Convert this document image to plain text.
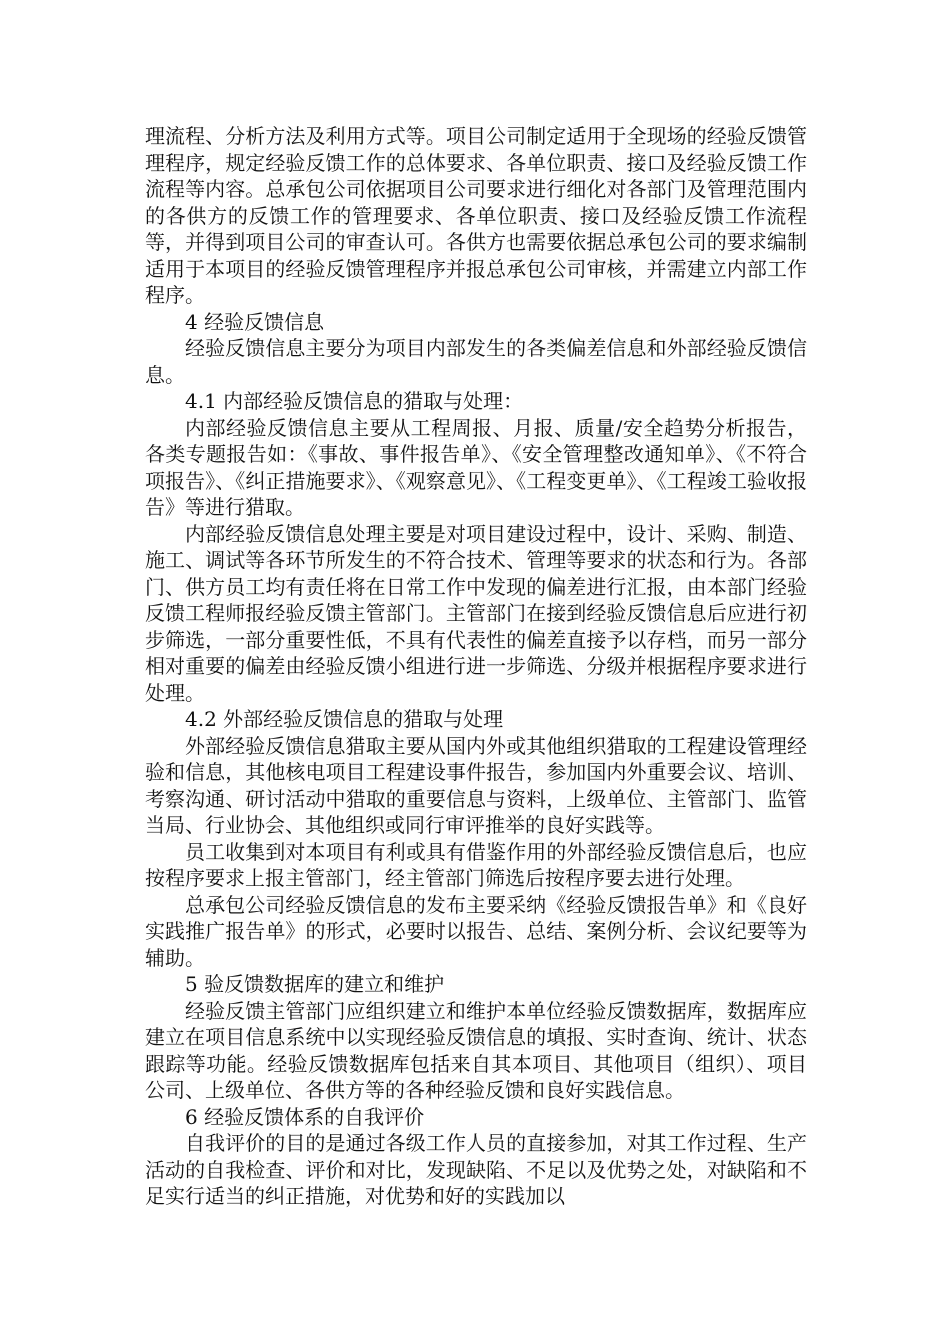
理流程、分析方法及利用方式等。项目公司制定适用于全现场的经验反馈管理程序，规定经验反馈工作的总体要求、各单位职责、接口及经验反馈工作流程等内容。总承包公司依据项目公司要求进行细化对各部门及管理范围内的各供方的反馈工作的管理要求、各单位职责、接口及经验反馈工作流程等，并得到项目公司的审查认可。各供方也需要依据总承包公司的要求编制适用于本项目的经验反馈管理程序并报总承包公司审核，并需建立内部工作程序。

4 经验反馈信息

经验反馈信息主要分为项目内部发生的各类偏差信息和外部经验反馈信息。

4.1 内部经验反馈信息的猎取与处理：

内部经验反馈信息主要从工程周报、月报、质量/安全趋势分析报告，各类专题报告如：《事故、事件报告单》、《安全管理整改通知单》、《不符合项报告》、《纠正措施要求》、《观察意见》、《工程变更单》、《工程竣工验收报告》等进行猎取。

内部经验反馈信息处理主要是对项目建设过程中，设计、采购、制造、施工、调试等各环节所发生的不符合技术、管理等要求的状态和行为。各部门、供方员工均有责任将在日常工作中发现的偏差进行汇报，由本部门经验反馈工程师报经验反馈主管部门。主管部门在接到经验反馈信息后应进行初步筛选，一部分重要性低，不具有代表性的偏差直接予以存档，而另一部分相对重要的偏差由经验反馈小组进行进一步筛选、分级并根据程序要求进行处理。

4.2 外部经验反馈信息的猎取与处理

外部经验反馈信息猎取主要从国内外或其他组织猎取的工程建设管理经验和信息，其他核电项目工程建设事件报告，参加国内外重要会议、培训、考察沟通、研讨活动中猎取的重要信息与资料，上级单位、主管部门、监管当局、行业协会、其他组织或同行审评推举的良好实践等。

员工收集到对本项目有利或具有借鉴作用的外部经验反馈信息后，也应按程序要求上报主管部门，经主管部门筛选后按程序要去进行处理。

总承包公司经验反馈信息的发布主要采纳《经验反馈报告单》和《良好实践推广报告单》的形式，必要时以报告、总结、案例分析、会议纪要等为辅助。

5 验反馈数据库的建立和维护

经验反馈主管部门应组织建立和维护本单位经验反馈数据库，数据库应建立在项目信息系统中以实现经验反馈信息的填报、实时查询、统计、状态跟踪等功能。经验反馈数据库包括来自其本项目、其他项目（组织）、项目公司、上级单位、各供方等的各种经验反馈和良好实践信息。

6 经验反馈体系的自我评价

自我评价的目的是通过各级工作人员的直接参加，对其工作过程、生产活动的自我检查、评价和对比，发现缺陷、不足以及优势之处，对缺陷和不足实行适当的纠正措施，对优势和好的实践加以
